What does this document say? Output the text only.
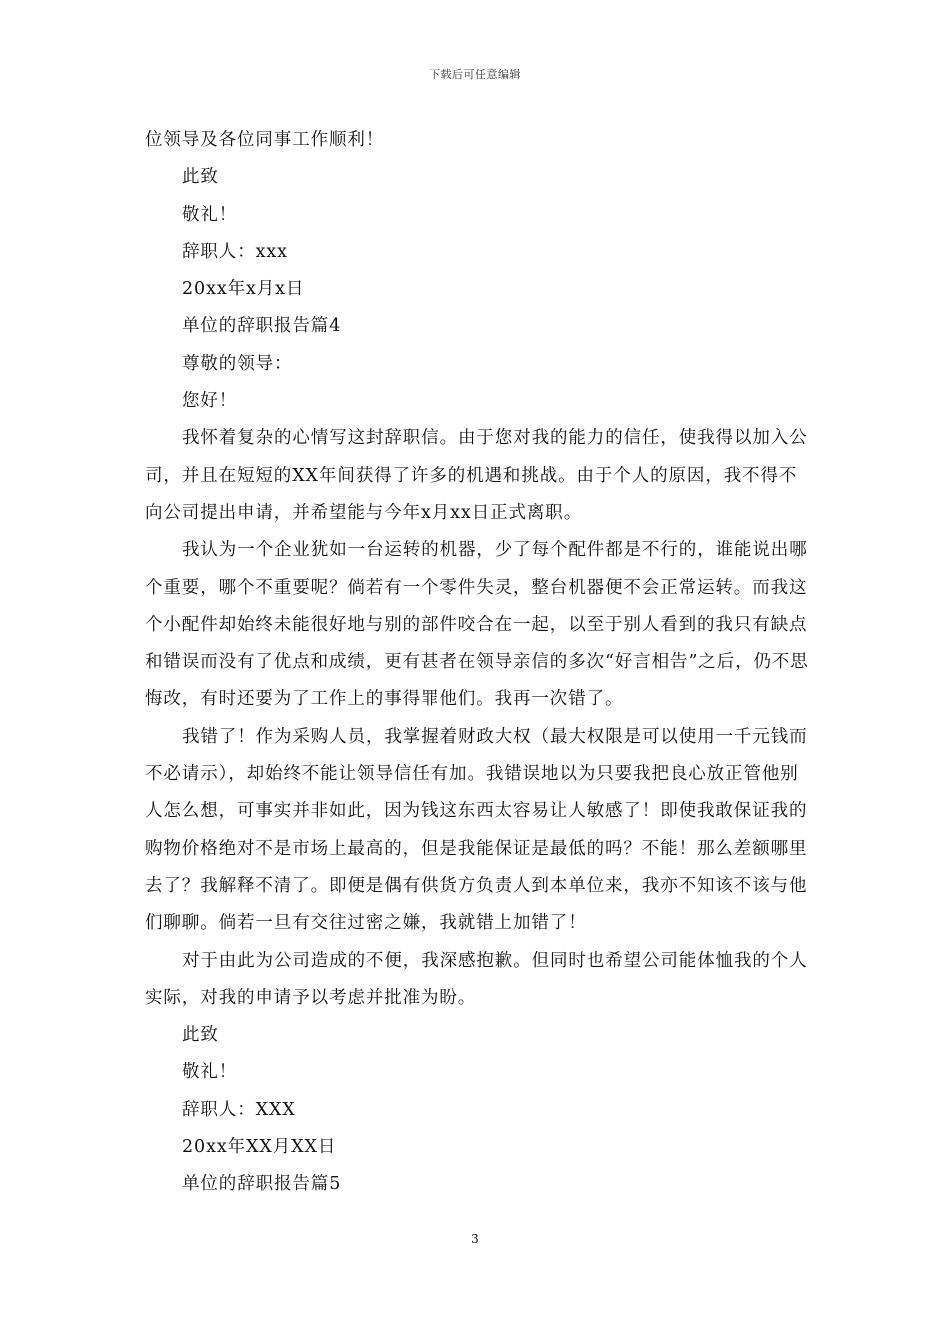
下载后可任意编辑

位领导及各位同事工作顺利！

此致

敬礼！

辞职人：xxx

20xx年x月x日

单位的辞职报告篇4

尊敬的领导：

您好！

我怀着复杂的心情写这封辞职信。由于您对我的能力的信任，使我得以加入公司，并且在短短的XX年间获得了许多的机遇和挑战。由于个人的原因，我不得不向公司提出申请，并希望能与今年x月xx日正式离职。

我认为一个企业犹如一台运转的机器，少了每个配件都是不行的，谁能说出哪个重要，哪个不重要呢？倘若有一个零件失灵，整台机器便不会正常运转。而我这个小配件却始终未能很好地与别的部件咬合在一起，以至于别人看到的我只有缺点和错误而没有了优点和成绩，更有甚者在领导亲信的多次“好言相告”之后，仍不思悔改，有时还要为了工作上的事得罪他们。我再一次错了。

我错了！作为采购人员，我掌握着财政大权（最大权限是可以使用一千元钱而不必请示），却始终不能让领导信任有加。我错误地以为只要我把良心放正管他别人怎么想，可事实并非如此，因为钱这东西太容易让人敏感了！即使我敢保证我的购物价格绝对不是市场上最高的，但是我能保证是最低的吗？不能！那么差额哪里去了？我解释不清了。即便是偶有供货方负责人到本单位来，我亦不知该不该与他们聊聊。倘若一旦有交往过密之嫌，我就错上加错了！

对于由此为公司造成的不便，我深感抱歉。但同时也希望公司能体恤我的个人实际，对我的申请予以考虑并批准为盼。

此致

敬礼！

辞职人：XXX

20xx年XX月XX日

单位的辞职报告篇5

3
